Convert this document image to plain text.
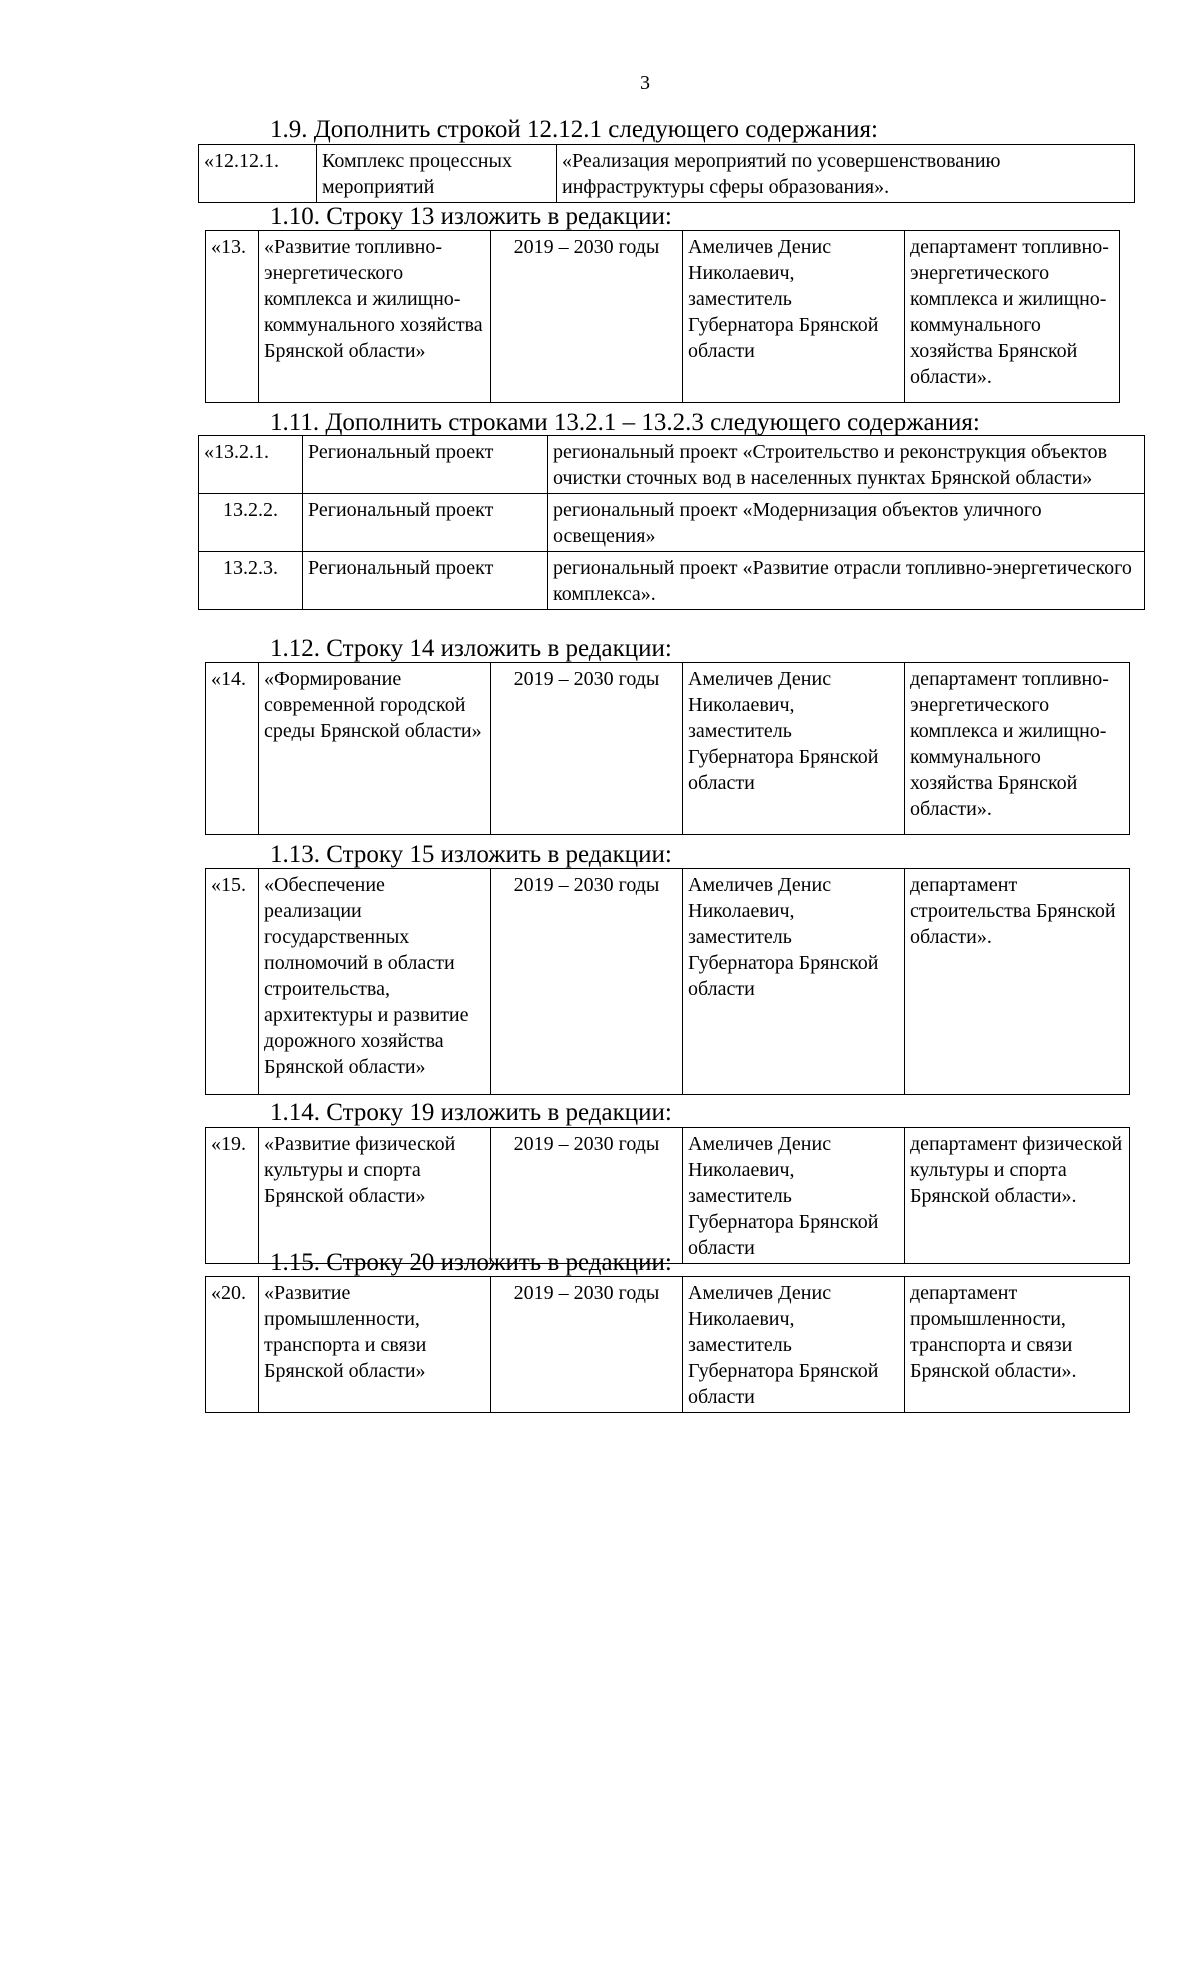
3
1.9. Дополнить строкой 12.12.1 следующего содержания:
«12.12.1.	Комплекс процессных мероприятий	«Реализация мероприятий по усовершенствованию инфраструктуры сферы образования».
1.10. Строку 13 изложить в редакции:
«13.	«Развитие топливно-энергетического комплекса и жилищно-коммунального хозяйства Брянской области»	2019 – 2030 годы	Амеличев Денис Николаевич, заместитель Губернатора Брянской области	департамент топливно-энергетического комплекса и жилищно-коммунального хозяйства Брянской области».
1.11. Дополнить строками 13.2.1 – 13.2.3 следующего содержания:
«13.2.1.	Региональный проект	региональный проект «Строительство и реконструкция объектов очистки сточных вод в населенных пунктах Брянской области»
13.2.2.	Региональный проект	региональный проект «Модернизация объектов уличного освещения»
13.2.3.	Региональный проект	региональный проект «Развитие отрасли топливно-энергетического комплекса».
1.12. Строку 14 изложить в редакции:
«14.	«Формирование современной городской среды Брянской области»	2019 – 2030 годы	Амеличев Денис Николаевич, заместитель Губернатора Брянской области	департамент топливно-энергетического комплекса и жилищно-коммунального хозяйства Брянской области».
1.13. Строку 15 изложить в редакции:
«15.	«Обеспечение реализации государственных полномочий в области строительства, архитектуры и развитие дорожного хозяйства Брянской области»	2019 – 2030 годы	Амеличев Денис Николаевич, заместитель Губернатора Брянской области	департамент строительства Брянской области».
1.14. Строку 19 изложить в редакции:
«19.	«Развитие физической культуры и спорта Брянской области»	2019 – 2030 годы	Амеличев Денис Николаевич, заместитель Губернатора Брянской области	департамент физической культуры и спорта Брянской области».
1.15. Строку 20 изложить в редакции:
«20.	«Развитие промышленности, транспорта и связи Брянской области»	2019 – 2030 годы	Амеличев Денис Николаевич, заместитель Губернатора Брянской области	департамент промышленности, транспорта и связи Брянской области».
